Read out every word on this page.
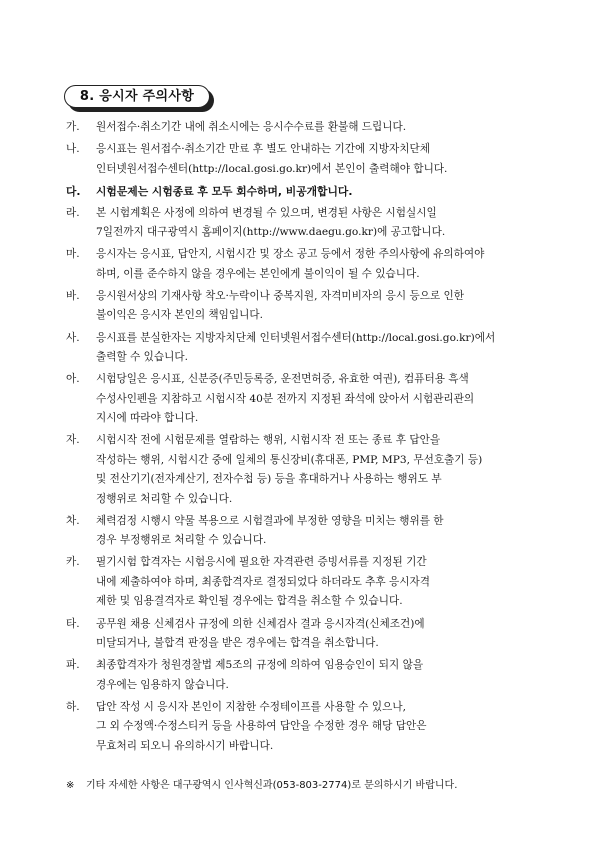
8. 응시자 주의사항
가. 원서접수·취소기간 내에 취소시에는 응시수수료를 환불해 드립니다.
나. 응시표는 원서접수·취소기간 만료 후 별도 안내하는 기간에 지방자치단체
인터넷원서접수센터(http://local.gosi.go.kr)에서 본인이 출력해야 합니다.
다. 시험문제는 시험종료 후 모두 회수하며, 비공개합니다.
라. 본 시험계획은 사정에 의하여 변경될 수 있으며, 변경된 사항은 시험실시일
7일전까지 대구광역시 홈페이지(http://www.daegu.go.kr)에 공고합니다.
마. 응시자는 응시표, 답안지, 시험시간 및 장소 공고 등에서 정한 주의사항에 유의하여야
하며, 이를 준수하지 않을 경우에는 본인에게 불이익이 될 수 있습니다.
바. 응시원서상의 기재사항 착오·누락이나 중복지원, 자격미비자의 응시 등으로 인한
불이익은 응시자 본인의 책임입니다.
사. 응시표를 분실한자는 지방자치단체 인터넷원서접수센터(http://local.gosi.go.kr)에서
출력할 수 있습니다.
아. 시험당일은 응시표, 신분증(주민등록증, 운전면허증, 유효한 여권), 컴퓨터용 흑색
수성사인펜을 지참하고 시험시작 40분 전까지 지정된 좌석에 앉아서 시험관리관의
지시에 따라야 합니다.
자. 시험시작 전에 시험문제를 열람하는 행위, 시험시작 전 또는 종료 후 답안을
작성하는 행위, 시험시간 중에 일체의 통신장비(휴대폰, PMP, MP3, 무선호출기 등)
및 전산기기(전자계산기, 전자수첩 등) 등을 휴대하거나 사용하는 행위도 부
정행위로 처리할 수 있습니다.
차. 체력검정 시행시 약물 복용으로 시험결과에 부정한 영향을 미치는 행위를 한
경우 부정행위로 처리할 수 있습니다.
카. 필기시험 합격자는 시험응시에 필요한 자격관련 증빙서류를 지정된 기간
내에 제출하여야 하며, 최종합격자로 결정되었다 하더라도 추후 응시자격
제한 및 임용결격자로 확인될 경우에는 합격을 취소할 수 있습니다.
타. 공무원 채용 신체검사 규정에 의한 신체검사 결과 응시자격(신체조건)에
미달되거나, 불합격 판정을 받은 경우에는 합격을 취소합니다.
파. 최종합격자가 청원경찰법 제5조의 규정에 의하여 임용승인이 되지 않을
경우에는 임용하지 않습니다.
하. 답안 작성 시 응시자 본인이 지참한 수정테이프를 사용할 수 있으나,
그 외 수정액·수정스티커 등을 사용하여 답안을 수정한 경우 해당 답안은
무효처리 되오니 유의하시기 바랍니다.
※ 기타 자세한 사항은 대구광역시 인사혁신과(053-803-2774)로 문의하시기 바랍니다.
